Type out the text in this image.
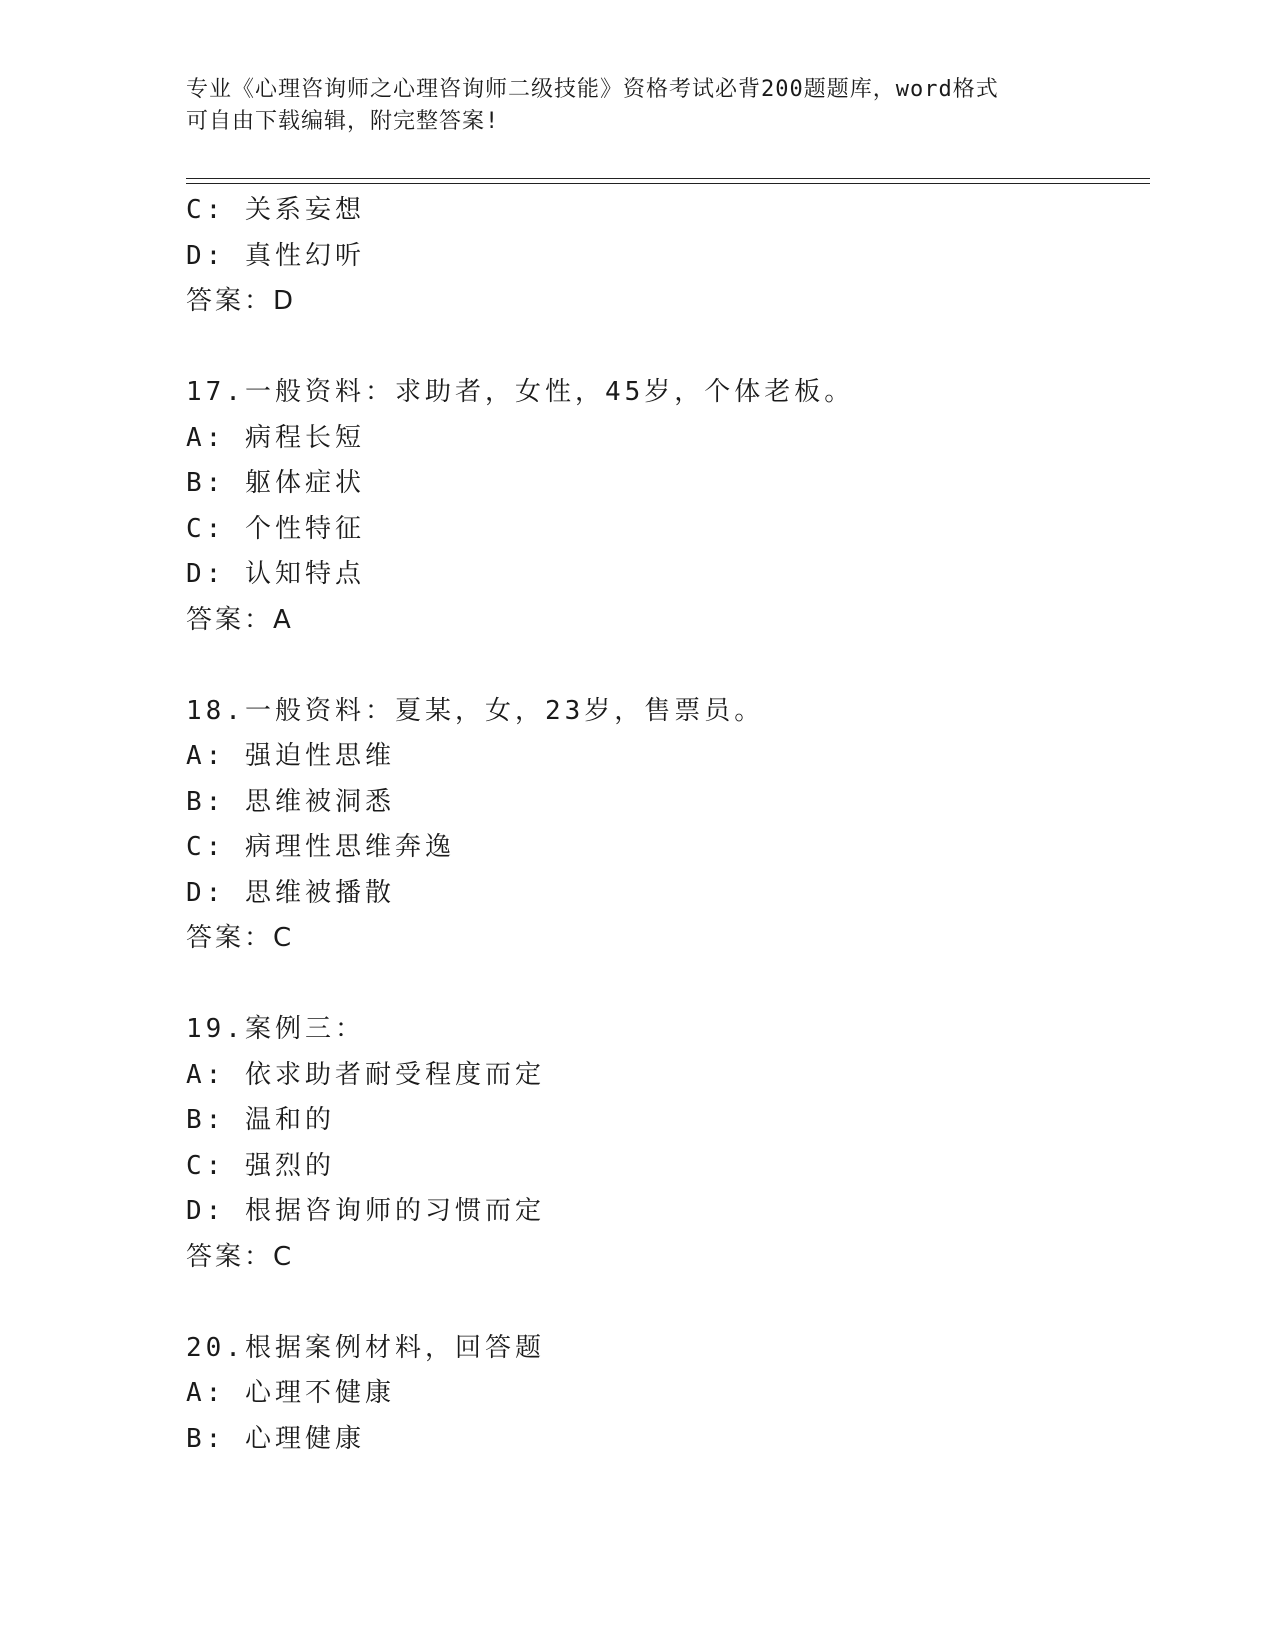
专业《心理咨询师之心理咨询师二级技能》资格考试必背200题题库，word格式
可自由下载编辑，附完整答案!
C: 关系妄想
D: 真性幻听
答案：D
17.一般资料：求助者，女性，45岁，个体老板。
A: 病程长短
B: 躯体症状
C: 个性特征
D: 认知特点
答案：A
18.一般资料：夏某，女，23岁，售票员。
A: 强迫性思维
B: 思维被洞悉
C: 病理性思维奔逸
D: 思维被播散
答案：C
19.案例三：
A: 依求助者耐受程度而定
B: 温和的
C: 强烈的
D: 根据咨询师的习惯而定
答案：C
20.根据案例材料，回答题
A: 心理不健康
B: 心理健康
